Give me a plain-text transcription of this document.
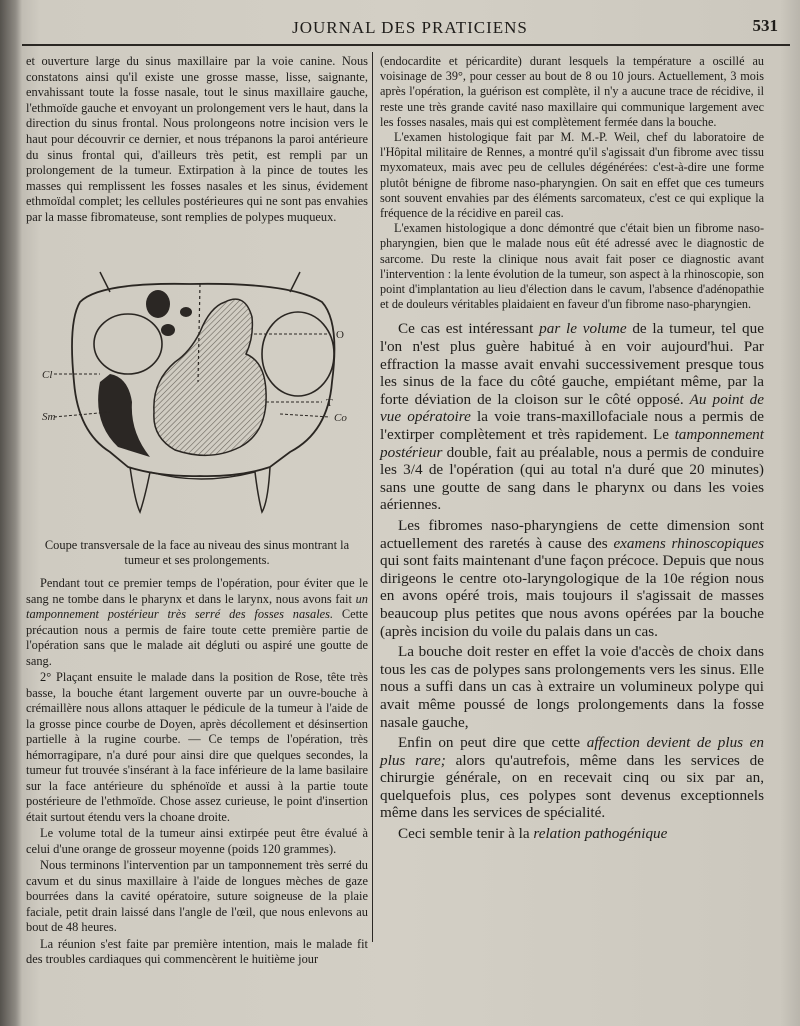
JOURNAL DES PRATICIENS	531

et ouverture large du sinus maxillaire par la voie canine. Nous constatons ainsi qu'il existe une grosse masse, lisse, saignante, envahissant toute la fosse nasale, tout le sinus maxillaire gauche, l'ethmoïde gauche et envoyant un prolongement vers le haut, dans la direction du sinus frontal. Nous prolongeons notre incision vers le haut pour découvrir ce dernier, et nous trépanons la paroi antérieure du sinus frontal qui, d'ailleurs très petit, est rempli par un prolongement de la tumeur. Extirpation à la pince de toutes les masses qui remplissent les fosses nasales et les sinus, évidement ethmoïdal complet; les cellules postérieures qui ne sont pas envahies par la masse fibromateuse, sont remplies de polypes muqueux.

Cl
Sm
O
T
Co
Coupe transversale de la face au niveau des sinus montrant la tumeur et ses prolongements.

Pendant tout ce premier temps de l'opération, pour éviter que le sang ne tombe dans le pharynx et dans le larynx, nous avons fait un tamponnement postérieur très serré des fosses nasales. Cette précaution nous a permis de faire toute cette première partie de l'opération sans que le malade ait dégluti ou aspiré une goutte de sang.

2° Plaçant ensuite le malade dans la position de Rose, tête très basse, la bouche étant largement ouverte par un ouvre-bouche à crémaillère nous allons attaquer le pédicule de la tumeur à l'aide de la grosse pince courbe de Doyen, après décollement et désinsertion partielle à la rugine courbe. — Ce temps de l'opération, très hémorragipare, n'a duré pour ainsi dire que quelques secondes, la tumeur fut trouvée s'insérant à la face inférieure de la lame basilaire sur la face antérieure du sphénoïde et aussi à la partie toute postérieure de l'ethmoïde. Chose assez curieuse, le point d'insertion était surtout étendu vers la choane droite.

Le volume total de la tumeur ainsi extirpée peut être évalué à celui d'une orange de grosseur moyenne (poids 120 grammes).

Nous terminons l'intervention par un tamponnement très serré du cavum et du sinus maxillaire à l'aide de longues mèches de gaze bourrées dans la cavité opératoire, suture soigneuse de la plaie faciale, petit drain laissé dans l'angle de l'œil, que nous enlevons au bout de 48 heures.

La réunion s'est faite par première intention, mais le malade fit des troubles cardiaques qui commencèrent le huitième jour

(endocardite et péricardite) durant lesquels la température a oscillé au voisinage de 39°, pour cesser au bout de 8 ou 10 jours. Actuellement, 3 mois après l'opération, la guérison est complète, il n'y a aucune trace de récidive, il reste une très grande cavité naso maxillaire qui communique largement avec les fosses nasales, mais qui est complètement fermée dans la bouche.

L'examen histologique fait par M. M.-P. Weil, chef du laboratoire de l'Hôpital militaire de Rennes, a montré qu'il s'agissait d'un fibrome avec tissu myxomateux, mais avec peu de cellules dégénérées: c'est-à-dire une forme plutôt bénigne de fibrome naso-pharyngien. On sait en effet que ces tumeurs sont souvent envahies par des éléments sarcomateux, c'est ce qui explique la fréquence de la récidive en pareil cas.

L'examen histologique a donc démontré que c'était bien un fibrome naso-pharyngien, bien que le malade nous eût été adressé avec le diagnostic de sarcome. Du reste la clinique nous avait fait poser ce diagnostic avant l'intervention : la lente évolution de la tumeur, son aspect à la rhinoscopie, son point d'implantation au lieu d'élection dans le cavum, l'absence d'adénopathie et de douleurs véritables plaidaient en faveur d'un fibrome naso-pharyngien.

Ce cas est intéressant par le volume de la tumeur, tel que l'on n'est plus guère habitué à en voir aujourd'hui. Par effraction la masse avait envahi successivement presque tous les sinus de la face du côté gauche, empiétant même, par la forte déviation de la cloison sur le côté opposé. Au point de vue opératoire la voie trans-maxillofaciale nous a permis de l'extirper complètement et très rapidement. Le tamponnement postérieur double, fait au préalable, nous a permis de conduire les 3/4 de l'opération (qui au total n'a duré que 20 minutes) sans une goutte de sang dans le pharynx ou dans les voies aériennes.

Les fibromes naso-pharyngiens de cette dimension sont actuellement des raretés à cause des examens rhinoscopiques qui sont faits maintenant d'une façon précoce. Depuis que nous dirigeons le centre oto-laryngologique de la 10e région nous en avons opéré trois, mais toujours il s'agissait de masses beaucoup plus petites que nous avons opérées par la bouche (après incision du voile du palais dans un cas.

La bouche doit rester en effet la voie d'accès de choix dans tous les cas de polypes sans prolongements vers les sinus. Elle nous a suffi dans un cas à extraire un volumineux polype qui avait même poussé de longs prolongements dans la fosse nasale gauche,

Enfin on peut dire que cette affection devient de plus en plus rare; alors qu'autrefois, même dans les services de chirurgie générale, on en recevait cinq ou six par an, quelquefois plus, ces polypes sont devenus exceptionnels même dans les services de spécialité.

Ceci semble tenir à la relation pathogénique
